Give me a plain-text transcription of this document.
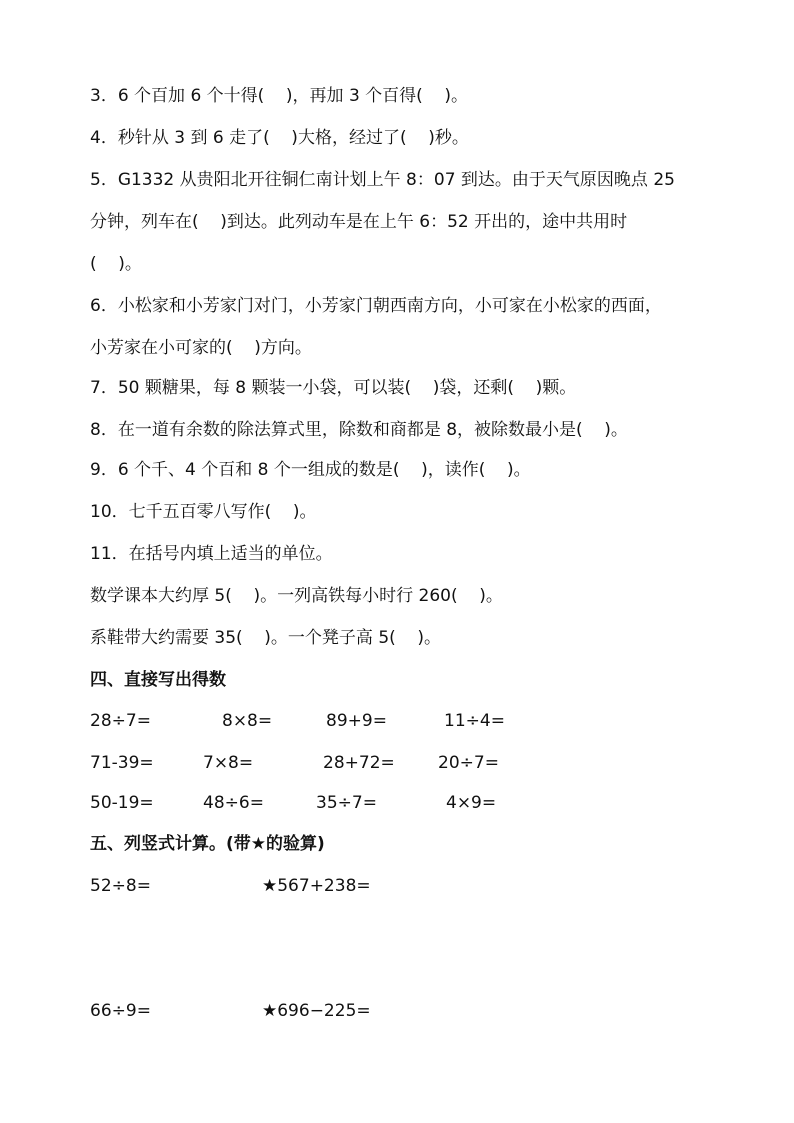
3．6 个百加 6 个十得(    )，再加 3 个百得(    )。
4．秒针从 3 到 6 走了(    )大格，经过了(    )秒。
5．G1332 从贵阳北开往铜仁南计划上午 8：07 到达。由于天气原因晚点 25
分钟，列车在(    )到达。此列动车是在上午 6：52 开出的，途中共用时
(    )。
6．小松家和小芳家门对门，小芳家门朝西南方向，小可家在小松家的西面，
小芳家在小可家的(    )方向。
7．50 颗糖果，每 8 颗装一小袋，可以装(    )袋，还剩(    )颗。
8．在一道有余数的除法算式里，除数和商都是 8，被除数最小是(    )。
9．6 个千、4 个百和 8 个一组成的数是(    )，读作(    )。
10．七千五百零八写作(    )。
11．在括号内填上适当的单位。
数学课本大约厚 5(    )。一列高铁每小时行 260(    )。
系鞋带大约需要 35(    )。一个凳子高 5(    )。
四、直接写出得数
28÷7=	8×8=	89+9=	11÷4=
71-39=	7×8=	28+72=	20÷7=
50-19=	48÷6=	35÷7=	4×9=
五、列竖式计算。(带★的验算)
52÷8=	★567+238=
66÷9=	★696−225=
